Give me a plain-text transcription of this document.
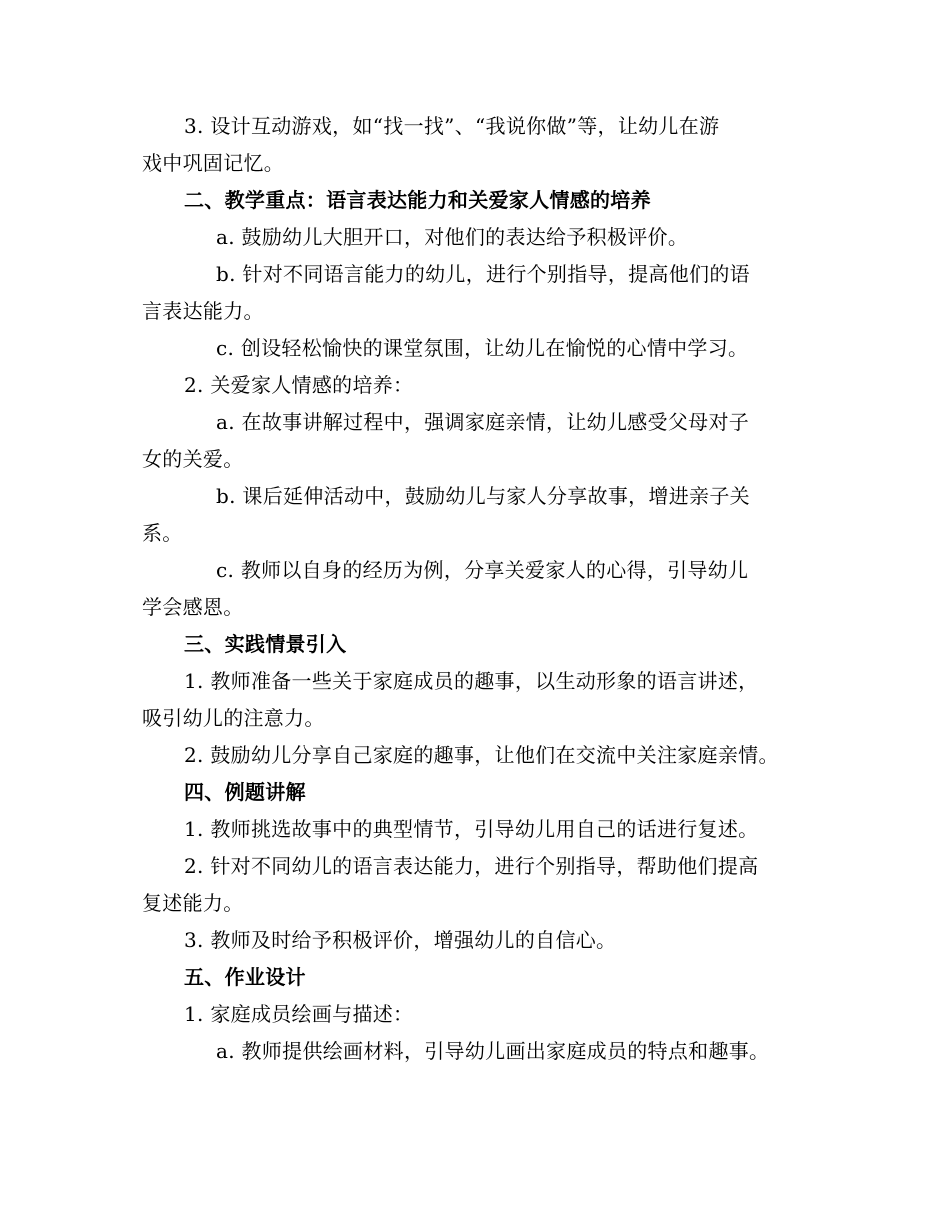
3. 设计互动游戏，如“找一找”、“我说你做”等，让幼儿在游
戏中巩固记忆。
二、教学重点：语言表达能力和关爱家人情感的培养
a. 鼓励幼儿大胆开口，对他们的表达给予积极评价。
b. 针对不同语言能力的幼儿，进行个别指导，提高他们的语
言表达能力。
c. 创设轻松愉快的课堂氛围，让幼儿在愉悦的心情中学习。
2. 关爱家人情感的培养：
a. 在故事讲解过程中，强调家庭亲情，让幼儿感受父母对子
女的关爱。
b. 课后延伸活动中，鼓励幼儿与家人分享故事，增进亲子关
系。
c. 教师以自身的经历为例，分享关爱家人的心得，引导幼儿
学会感恩。
三、实践情景引入
1. 教师准备一些关于家庭成员的趣事，以生动形象的语言讲述，
吸引幼儿的注意力。
2. 鼓励幼儿分享自己家庭的趣事，让他们在交流中关注家庭亲情。
四、例题讲解
1. 教师挑选故事中的典型情节，引导幼儿用自己的话进行复述。
2. 针对不同幼儿的语言表达能力，进行个别指导，帮助他们提高
复述能力。
3. 教师及时给予积极评价，增强幼儿的自信心。
五、作业设计
1. 家庭成员绘画与描述：
a. 教师提供绘画材料，引导幼儿画出家庭成员的特点和趣事。
